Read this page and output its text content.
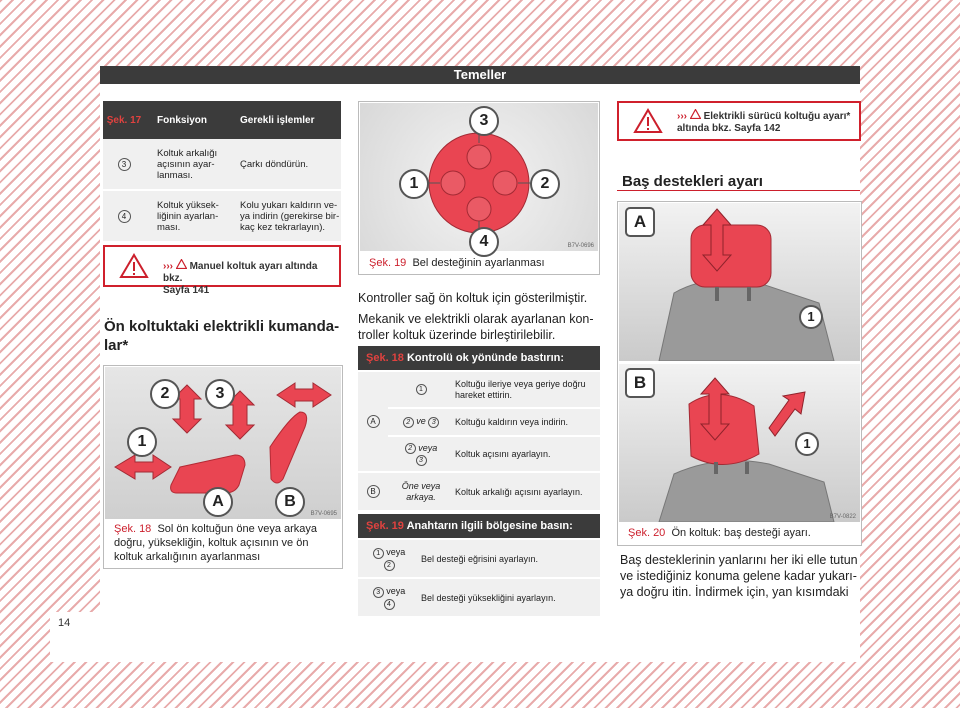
Temeller
14
Şek. 17	Fonksiyon	Gerekli işlemler
3	Koltuk arkalığı açısının ayar- lanması.	Çarkı döndürün.

4	Koltuk yüksek- liğinin ayarlan- ması.	Kolu yukarı kaldırın ve- ya indirin (gerekirse bir- kaç kez tekrarlayın).
››› Manuel koltuk ayarı altında bkz.
Sayfa 141
Ön koltuktaki elektrikli kumanda-
lar*
1
2	3
A	B
B7V-0695
Şek. 18 Sol ön koltuğun öne veya arkaya
doğru, yüksekliğin, koltuk açısının ve ön
koltuk arkalığının ayarlanması
3
1	2
4	B7V-0696
Şek. 19 Bel desteğinin ayarlanması
Kontroller sağ ön koltuk için gösterilmiştir.
Mekanik ve elektrikli olarak ayarlanan kon-
troller koltuk üzerinde birleştirilebilir.
Şek. 18 Kontrolü ok yönünde bastırın:
A	1	Koltuğu ileriye veya geriye doğru hareket ettirin.
	2 ve 3	Koltuğu kaldırın veya indirin.
	2 veya
3	Koltuk açısını ayarlayın.
B	Öne veya arkaya.	Koltuk arkalığı açısını ayarlayın.
Şek. 19 Anahtarın ilgili bölgesine basın:
1 veya
2	Bel desteği eğrisini ayarlayın.
3 veya
4	Bel desteği yüksekliğini ayarlayın.
››› Elektrikli sürücü koltuğu ayarı*
altında bkz. Sayfa 142
Baş destekleri ayarı
A
1
B
1
B7V-0822
Şek. 20 Ön koltuk: baş desteği ayarı.
Baş desteklerinin yanlarını her iki elle tutun
ve istediğiniz konuma gelene kadar yukarı-
ya doğru itin. İndirmek için, yan kısımdaki
